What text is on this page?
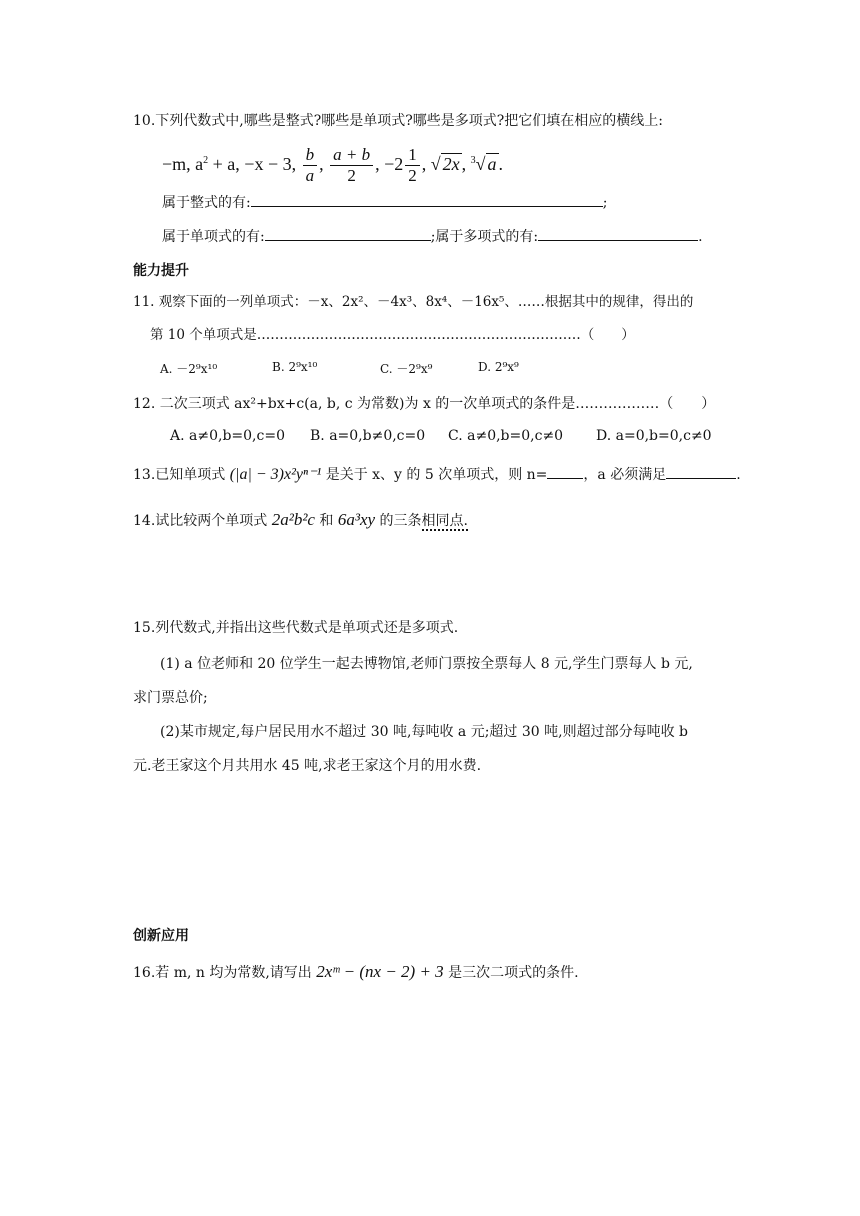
10.下列代数式中,哪些是整式?哪些是单项式?哪些是多项式?把它们填在相应的横线上:
−m, $a^2 + a$, −x − 3, $\frac{b}{a}$ , $\frac{a + b}{2}$ , $-2 \frac{1}{2}$ , √ 2x , $^3$√ a .
属于整式的有:	;
属于单项式的有:	;属于多项式的有:	.
能力提升
11. 观察下面的一列单项式：－x、2x²、－4x³、8x⁴、－16x⁵、……根据其中的规律，得出的
第 10 个单项式是………………………………………………………………（　　）
A. －2⁹x¹⁰	B. 2⁹x¹⁰	C. －2⁹x⁹	D. 2⁹x⁹
12. 二次三项式 ax²+bx+c(a, b, c 为常数)为 x 的一次单项式的条件是………………（　　）
A. a≠0,b=0,c=0 B. a=0,b≠0,c=0 C. a≠0,b=0,c≠0 D. a=0,b=0,c≠0
13.已知单项式 (|a| − 3)x²yⁿ⁻¹ 是关于 x、y 的 5 次单项式，则 n=	，a 必须满足	.
14.试比较两个单项式 2a²b²c 和 6a³xy 的三条相同点.
15.列代数式,并指出这些代数式是单项式还是多项式.
(1) a 位老师和 20 位学生一起去博物馆,老师门票按全票每人 8 元,学生门票每人 b 元,
求门票总价;
(2)某市规定,每户居民用水不超过 30 吨,每吨收 a 元;超过 30 吨,则超过部分每吨收 b
元.老王家这个月共用水 45 吨,求老王家这个月的用水费.
创新应用
16.若 m, n 均为常数,请写出 2xᵐ − (nx − 2) + 3 是三次二项式的条件.
